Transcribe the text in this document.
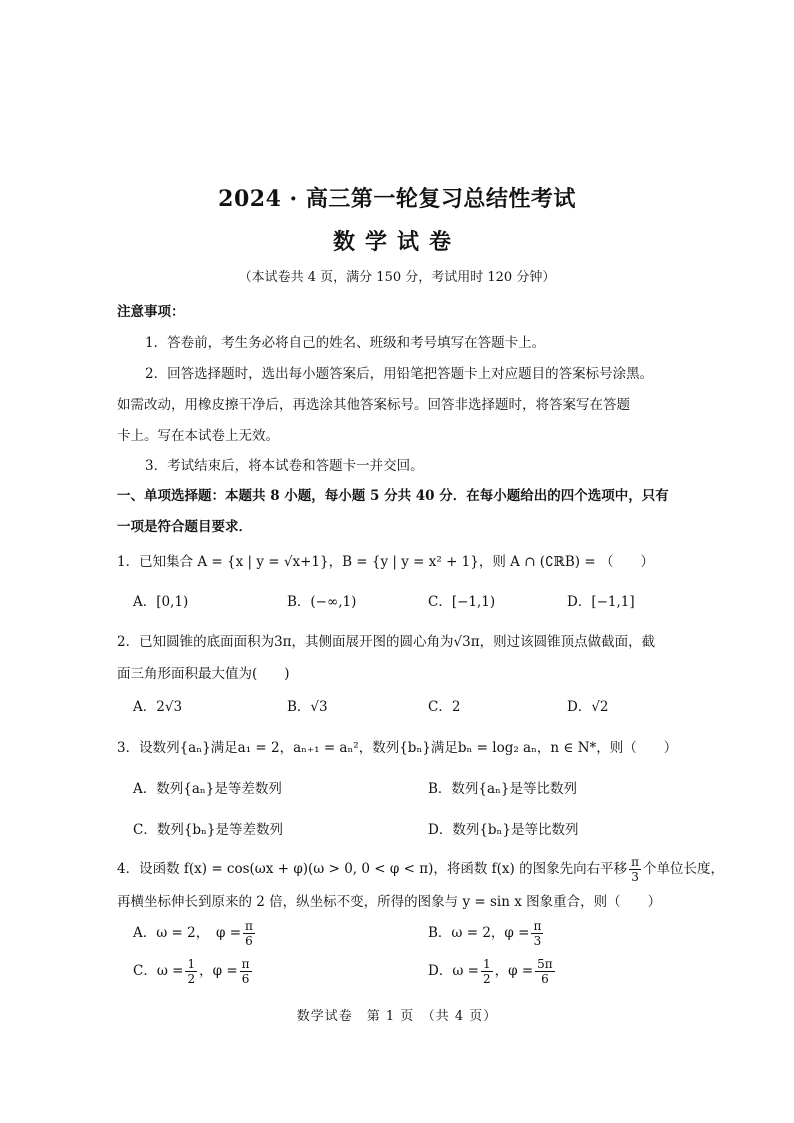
2024 · 高三第一轮复习总结性考试
数学试卷
（本试卷共 4 页，满分 150 分，考试用时 120 分钟）
注意事项：
1．答卷前，考生务必将自己的姓名、班级和考号填写在答题卡上。
2．回答选择题时，选出每小题答案后，用铅笔把答题卡上对应题目的答案标号涂黑。
如需改动，用橡皮擦干净后，再选涂其他答案标号。回答非选择题时，将答案写在答题
卡上。写在本试卷上无效。
3．考试结束后，将本试卷和答题卡一并交回。
一、单项选择题：本题共 8 小题，每小题 5 分共 40 分．在每小题给出的四个选项中，只有
一项是符合题目要求．
1．已知集合 A = {x | y = √x+1}，B = {y | y = x² + 1}，则 A ∩ (∁ℝB) = （　　）
A．[0,1)	B．(−∞,1)	C．[−1,1)	D．[−1,1]
2．已知圆锥的底面面积为3π，其侧面展开图的圆心角为√3π，则过该圆锥顶点做截面，截
面三角形面积最大值为(　　)
A．2√3	B．√3	C．2	D．√2
3．设数列{aₙ}满足a₁ = 2，aₙ₊₁ = aₙ²，数列{bₙ}满足bₙ = log₂ aₙ，n ∈ N*，则（　　）
A．数列{aₙ}是等差数列	B．数列{aₙ}是等比数列
C．数列{bₙ}是等差数列	D．数列{bₙ}是等比数列
4．设函数 f(x) = cos(ωx + φ)(ω > 0, 0 < φ < π)，将函数 f(x) 的图象先向右平移 $\frac{\pi}{3}$ 个单位长度，
再横坐标伸长到原来的 2 倍，纵坐标不变，所得的图象与 y = sin x 图象重合，则（　　）
A．ω = 2，　$\varphi = \frac{\pi}{6}$	B．ω = 2，$\varphi = \frac{\pi}{3}$
C．$\omega = \frac{1}{2}$ ，$\varphi = \frac{\pi}{6}$	D．$\omega = \frac{1}{2}$ ，$\varphi = \frac{5\pi}{6}$
数学试卷　第 1 页　（共 4 页）
